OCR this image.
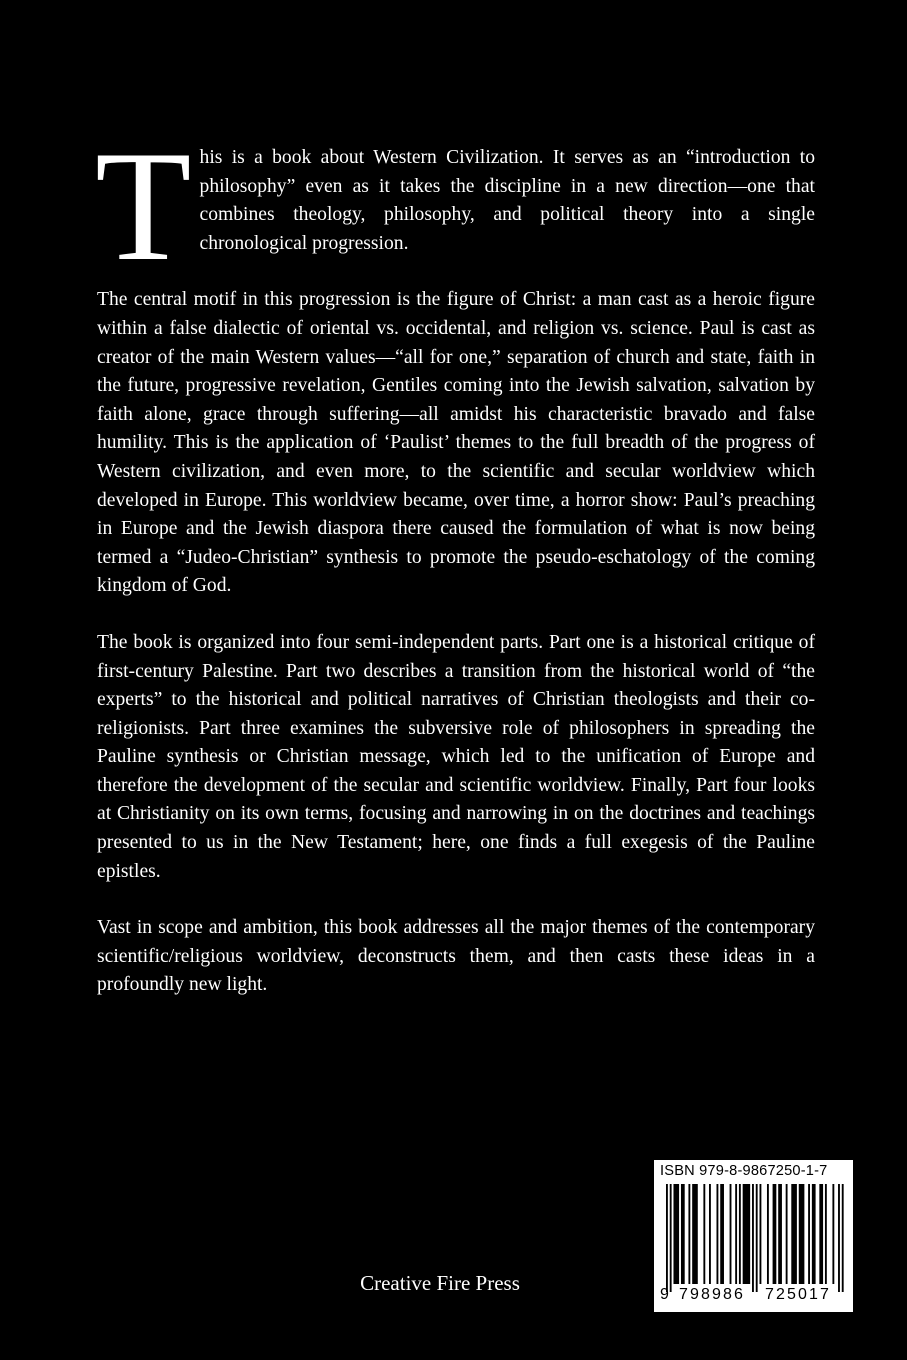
This is a book about Western Civilization. It serves as an “introduction to philosophy” even as it takes the discipline in a new direction—one that combines theology, philosophy, and political theory into a single chronological progression.

The central motif in this progression is the figure of Christ: a man cast as a heroic figure within a false dialectic of oriental vs. occidental, and religion vs. science. Paul is cast as creator of the main Western values—“all for one,” separation of church and state, faith in the future, progressive revelation, Gentiles coming into the Jewish salvation, salvation by faith alone, grace through suffering—all amidst his characteristic bravado and false humility. This is the application of ‘Paulist’ themes to the full breadth of the progress of Western civilization, and even more, to the scientific and secular worldview which developed in Europe. This worldview became, over time, a horror show: Paul’s preaching in Europe and the Jewish diaspora there caused the formulation of what is now being termed a “Judeo-Christian” synthesis to promote the pseudo-eschatology of the coming kingdom of God.

The book is organized into four semi-independent parts. Part one is a historical critique of first-century Palestine. Part two describes a transition from the historical world of “the experts” to the historical and political narratives of Christian theologists and their co-religionists. Part three examines the subversive role of philosophers in spreading the Pauline synthesis or Christian message, which led to the unification of Europe and therefore the development of the secular and scientific worldview. Finally, Part four looks at Christianity on its own terms, focusing and narrowing in on the doctrines and teachings presented to us in the New Testament; here, one finds a full exegesis of the Pauline epistles.

Vast in scope and ambition, this book addresses all the major themes of the contemporary scientific/religious worldview, deconstructs them, and then casts these ideas in a profoundly new light.

ISBN 979-8-9867250-1-7
9 798986 725017
Creative Fire Press
